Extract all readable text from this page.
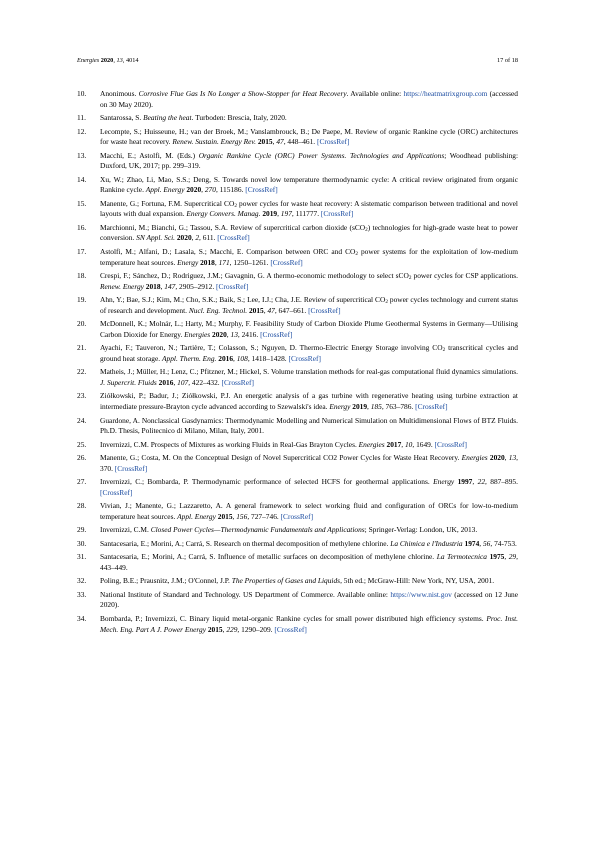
Energies 2020, 13, 4014	17 of 18
10. Anonimous. Corrosive Flue Gas Is No Longer a Show-Stopper for Heat Recovery. Available online: https://heatmatrixgroup.com (accessed on 30 May 2020).
11. Santarossa, S. Beating the heat. Turboden: Brescia, Italy, 2020.
12. Lecompte, S.; Huisseune, H.; van der Broek, M.; Vanslambrouck, B.; De Paepe, M. Review of organic Rankine cycle (ORC) architectures for waste heat recovery. Renew. Sustain. Energy Rev. 2015, 47, 448–461. [CrossRef]
13. Macchi, E.; Astolfi, M. (Eds.) Organic Rankine Cycle (ORC) Power Systems. Technologies and Applications; Woodhead publishing: Duxford, UK, 2017; pp. 299–319.
14. Xu, W.; Zhao, Li, Mao, S.S.; Deng, S. Towards novel low temperature thermodynamic cycle: A critical review originated from organic Rankine cycle. Appl. Energy 2020, 270, 115186. [CrossRef]
15. Manente, G.; Fortuna, F.M. Supercritical $CO_2$ power cycles for waste heat recovery: A sistematic comparison between traditional and novel layouts with dual expansion. Energy Convers. Manag. 2019, 197, 111777. [CrossRef]
16. Marchionni, M.; Bianchi, G.; Tassou, S.A. Review of supercritical carbon dioxide (sCO$_2$) technologies for high-grade waste heat to power conversion. SN Appl. Sci. 2020, 2, 611. [CrossRef]
17. Astolfi, M.; Alfani, D.; Lasala, S.; Macchi, E. Comparison between ORC and $CO_2$ power systems for the exploitation of low-medium temperature heat sources. Energy 2018, 171, 1250–1261. [CrossRef]
18. Crespi, F.; Sánchez, D.; Rodriguez, J.M.; Gavagnin, G. A thermo-economic methodology to select sCO$_2$ power cycles for CSP applications. Renew. Energy 2018, 147, 2905–2912. [CrossRef]
19. Ahn, Y.; Bae, S.J.; Kim, M.; Cho, S.K.; Baik, S.; Lee, I.J.; Cha, J.E. Review of supercritical $CO_2$ power cycles technology and current status of research and development. Nucl. Eng. Technol. 2015, 47, 647–661. [CrossRef]
20. McDonnell, K.; Molnár, L.; Harty, M.; Murphy, F. Feasibility Study of Carbon Dioxide Plume Geothermal Systems in Germany—Utilising Carbon Dioxide for Energy. Energies 2020, 13, 2416. [CrossRef]
21. Ayachi, F.; Tauveron, N.; Tartière, T.; Colasson, S.; Nguyen, D. Thermo-Electric Energy Storage involving $CO_2$ transcritical cycles and ground heat storage. Appl. Therm. Eng. 2016, 108, 1418–1428. [CrossRef]
22. Matheis, J.; Müller, H.; Lenz, C.; Pfitzner, M.; Hickel, S. Volume translation methods for real-gas computational fluid dynamics simulations. J. Supercrit. Fluids 2016, 107, 422–432. [CrossRef]
23. Ziółkowski, P.; Badur, J.; Ziółkowski, P.J. An energetic analysis of a gas turbine with regenerative heating using turbine extraction at intermediate pressure-Brayton cycle advanced according to Szewalski's idea. Energy 2019, 185, 763–786. [CrossRef]
24. Guardone, A. Nonclassical Gasdynamics: Thermodynamic Modelling and Numerical Simulation on Multidimensional Flows of BTZ Fluids. Ph.D. Thesis, Politecnico di Milano, Milan, Italy, 2001.
25. Invernizzi, C.M. Prospects of Mixtures as working Fluids in Real-Gas Brayton Cycles. Energies 2017, 10, 1649. [CrossRef]
26. Manente, G.; Costa, M. On the Conceptual Design of Novel Supercritical CO2 Power Cycles for Waste Heat Recovery. Energies 2020, 13, 370. [CrossRef]
27. Invernizzi, C.; Bombarda, P. Thermodynamic performance of selected HCFS for geothermal applications. Energy 1997, 22, 887–895. [CrossRef]
28. Vivian, J.; Manente, G.; Lazzaretto, A. A general framework to select working fluid and configuration of ORCs for low-to-medium temperature heat sources. Appl. Energy 2015, 156, 727–746. [CrossRef]
29. Invernizzi, C.M. Closed Power Cycles—Thermodynamic Fundamentals and Applications; Springer-Verlag: London, UK, 2013.
30. Santacesaria, E.; Morini, A.; Carrá, S. Research on thermal decomposition of methylene chlorine. La Chimica e l'Industria 1974, 56, 74-753.
31. Santacesaria, E.; Morini, A.; Carrá, S. Influence of metallic surfaces on decomposition of methylene chlorine. La Termotecnica 1975, 29, 443–449.
32. Poling, B.E.; Prausnitz, J.M.; O'Connel, J.P. The Properties of Gases and Liquids, 5th ed.; McGraw-Hill: New York, NY, USA, 2001.
33. National Institute of Standard and Technology. US Department of Commerce. Available online: https://www.nist.gov (accessed on 12 June 2020).
34. Bombarda, P.; Invernizzi, C. Binary liquid metal-organic Rankine cycles for small power distributed high efficiency systems. Proc. Inst. Mech. Eng. Part A J. Power Energy 2015, 229, 1290–209. [CrossRef]
